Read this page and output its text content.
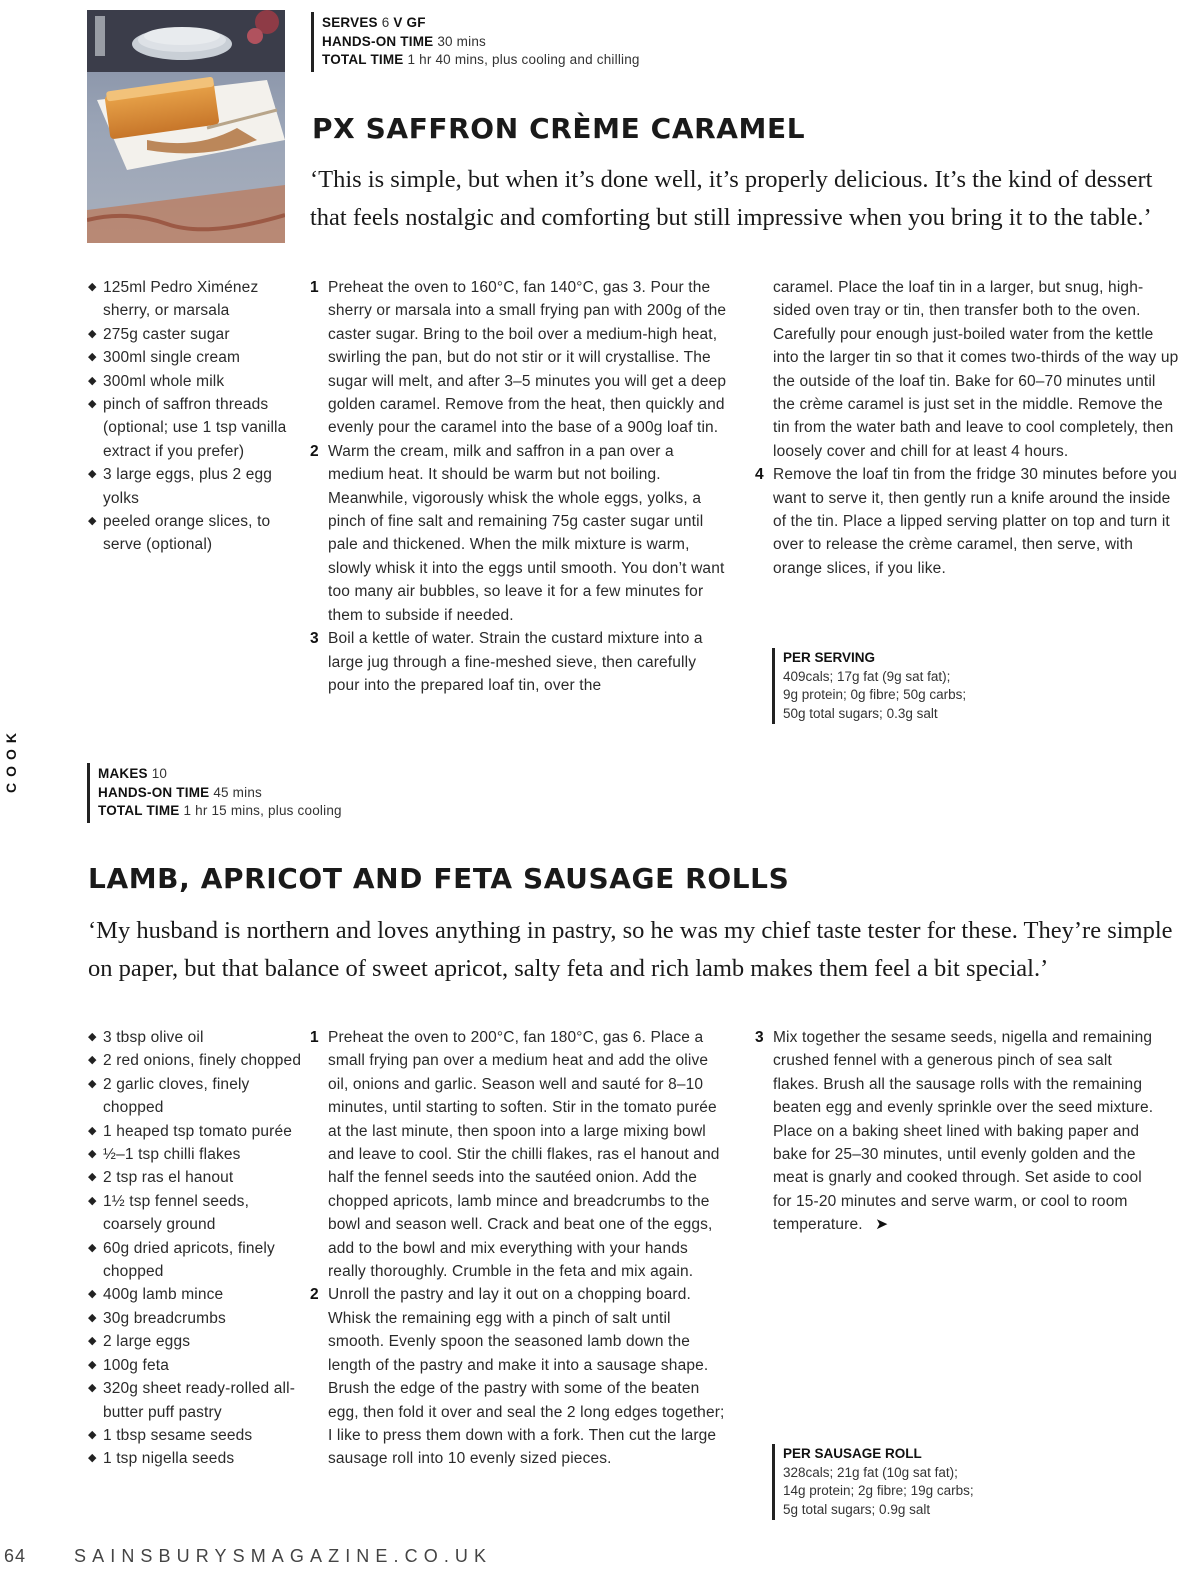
SERVES 6 V GF
HANDS-ON TIME 30 mins
TOTAL TIME 1 hr 40 mins, plus cooling and chilling
PX SAFFRON CRÈME CARAMEL
‘This is simple, but when it’s done well, it’s properly delicious. It’s the kind of dessert that feels nostalgic and comforting but still impressive when you bring it to the table.’
◆ 125ml Pedro Ximénez sherry, or marsala
◆ 275g caster sugar
◆ 300ml single cream
◆ 300ml whole milk
◆ pinch of saffron threads (optional; use 1 tsp vanilla extract if you prefer)
◆ 3 large eggs, plus 2 egg yolks
◆ peeled orange slices, to serve (optional)
1 Preheat the oven to 160°C, fan 140°C, gas 3. Pour the sherry or marsala into a small frying pan with 200g of the caster sugar. Bring to the boil over a medium-high heat, swirling the pan, but do not stir or it will crystallise. The sugar will melt, and after 3–5 minutes you will get a deep golden caramel. Remove from the heat, then quickly and evenly pour the caramel into the base of a 900g loaf tin.
2 Warm the cream, milk and saffron in a pan over a medium heat. It should be warm but not boiling. Meanwhile, vigorously whisk the whole eggs, yolks, a pinch of fine salt and remaining 75g caster sugar until pale and thickened. When the milk mixture is warm, slowly whisk it into the eggs until smooth. You don’t want too many air bubbles, so leave it for a few minutes for them to subside if needed.
3 Boil a kettle of water. Strain the custard mixture into a large jug through a fine-meshed sieve, then carefully pour into the prepared loaf tin, over the
caramel. Place the loaf tin in a larger, but snug, high-sided oven tray or tin, then transfer both to the oven. Carefully pour enough just-boiled water from the kettle into the larger tin so that it comes two-thirds of the way up the outside of the loaf tin. Bake for 60–70 minutes until the crème caramel is just set in the middle. Remove the tin from the water bath and leave to cool completely, then loosely cover and chill for at least 4 hours.
4 Remove the loaf tin from the fridge 30 minutes before you want to serve it, then gently run a knife around the inside of the tin. Place a lipped serving platter on top and turn it over to release the crème caramel, then serve, with orange slices, if you like.
PER SERVING
409cals; 17g fat (9g sat fat);
9g protein; 0g fibre; 50g carbs;
50g total sugars; 0.3g salt
COOK	MAKES 10
HANDS-ON TIME 45 mins
TOTAL TIME 1 hr 15 mins, plus cooling
LAMB, APRICOT AND FETA SAUSAGE ROLLS
‘My husband is northern and loves anything in pastry, so he was my chief taste tester for these. They’re simple on paper, but that balance of sweet apricot, salty feta and rich lamb makes them feel a bit special.’
◆ 3 tbsp olive oil
◆ 2 red onions, finely chopped
◆ 2 garlic cloves, finely chopped
◆ 1 heaped tsp tomato purée
◆ ½–1 tsp chilli flakes
◆ 2 tsp ras el hanout
◆ 1½ tsp fennel seeds, coarsely ground
◆ 60g dried apricots, finely chopped
◆ 400g lamb mince
◆ 30g breadcrumbs
◆ 2 large eggs
◆ 100g feta
◆ 320g sheet ready-rolled all-butter puff pastry
◆ 1 tbsp sesame seeds
◆ 1 tsp nigella seeds
1 Preheat the oven to 200°C, fan 180°C, gas 6. Place a small frying pan over a medium heat and add the olive oil, onions and garlic. Season well and sauté for 8–10 minutes, until starting to soften. Stir in the tomato purée at the last minute, then spoon into a large mixing bowl and leave to cool. Stir the chilli flakes, ras el hanout and half the fennel seeds into the sautéed onion. Add the chopped apricots, lamb mince and breadcrumbs to the bowl and season well. Crack and beat one of the eggs, add to the bowl and mix everything with your hands really thoroughly. Crumble in the feta and mix again.
2 Unroll the pastry and lay it out on a chopping board. Whisk the remaining egg with a pinch of salt until smooth. Evenly spoon the seasoned lamb down the length of the pastry and make it into a sausage shape. Brush the edge of the pastry with some of the beaten egg, then fold it over and seal the 2 long edges together; I like to press them down with a fork. Then cut the large sausage roll into 10 evenly sized pieces.
3 Mix together the sesame seeds, nigella and remaining crushed fennel with a generous pinch of sea salt flakes. Brush all the sausage rolls with the remaining beaten egg and evenly sprinkle over the seed mixture. Place on a baking sheet lined with baking paper and bake for 25–30 minutes, until evenly golden and the meat is gnarly and cooked through. Set aside to cool for 15-20 minutes and serve warm, or cool to room temperature. ➤
PER SAUSAGE ROLL
328cals; 21g fat (10g sat fat);
14g protein; 2g fibre; 19g carbs;
5g total sugars; 0.9g salt
64	SAINSBURYSMAGAZINE.CO.UK
